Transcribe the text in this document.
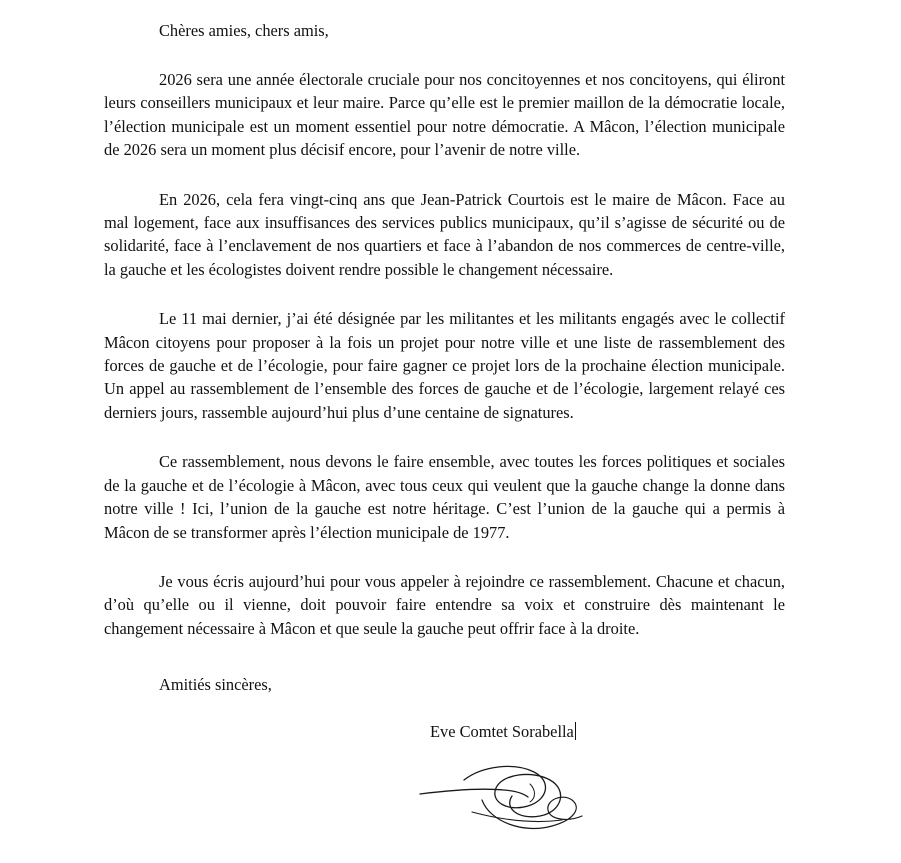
Chères amies, chers amis,

2026 sera une année électorale cruciale pour nos concitoyennes et nos concitoyens, qui éliront leurs conseillers municipaux et leur maire. Parce qu’elle est le premier maillon de la démocratie locale, l’élection municipale est un moment essentiel pour notre démocratie. A Mâcon, l’élection municipale de 2026 sera un moment plus décisif encore, pour l’avenir de notre ville.

En 2026, cela fera vingt-cinq ans que Jean-Patrick Courtois est le maire de Mâcon. Face au mal logement, face aux insuffisances des services publics municipaux, qu’il s’agisse de sécurité ou de solidarité, face à l’enclavement de nos quartiers et face à l’abandon de nos commerces de centre-ville, la gauche et les écologistes doivent rendre possible le changement nécessaire.

Le 11 mai dernier, j’ai été désignée par les militantes et les militants engagés avec le collectif Mâcon citoyens pour proposer à la fois un projet pour notre ville et une liste de rassemblement des forces de gauche et de l’écologie, pour faire gagner ce projet lors de la prochaine élection municipale. Un appel au rassemblement de l’ensemble des forces de gauche et de l’écologie, largement relayé ces derniers jours, rassemble aujourd’hui plus d’une centaine de signatures.

Ce rassemblement, nous devons le faire ensemble, avec toutes les forces politiques et sociales de la gauche et de l’écologie à Mâcon, avec tous ceux qui veulent que la gauche change la donne dans notre ville ! Ici, l’union de la gauche est notre héritage. C’est l’union de la gauche qui a permis à Mâcon de se transformer après l’élection municipale de 1977.

Je vous écris aujourd’hui pour vous appeler à rejoindre ce rassemblement. Chacune et chacun, d’où qu’elle ou il vienne, doit pouvoir faire entendre sa voix et construire dès maintenant le changement nécessaire à Mâcon et que seule la gauche peut offrir face à la droite.

Amitiés sincères,

Eve Comtet Sorabella
